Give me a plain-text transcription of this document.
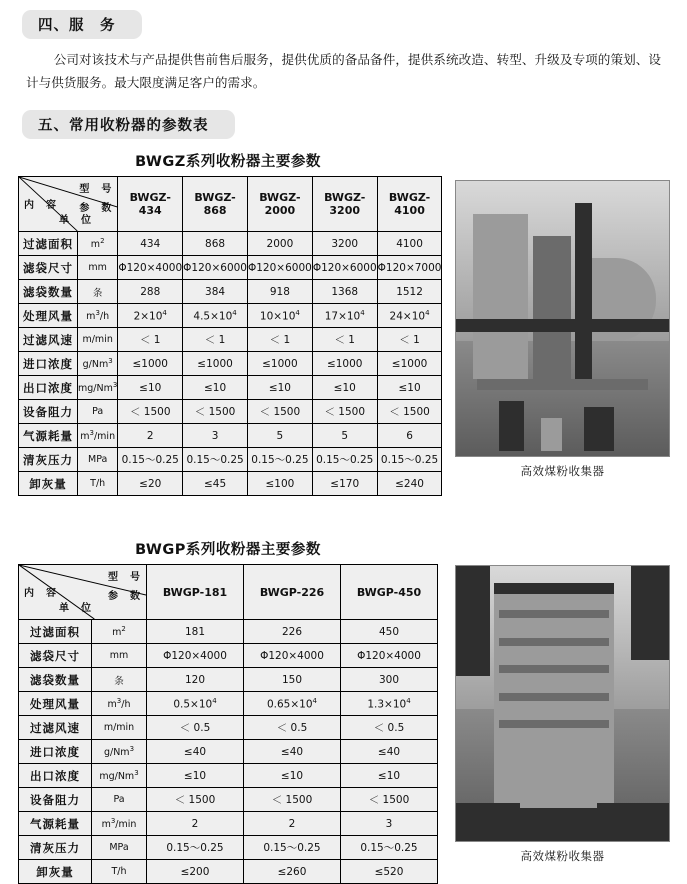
四、服　务
公司对该技术与产品提供售前售后服务，提供优质的备品备件，提供系统改造、转型、升级及专项的策划、设计与供货服务。最大限度满足客户的需求。
五、常用收粉器的参数表
BWGZ系列收粉器主要参数
型　号
参　数
内　容
单　位		BWGZ-434	BWGZ-868	BWGZ-2000	BWGZ-3200	BWGZ-4100
过滤面积	$m^2$	434	868	2000	3200	4100
滤袋尺寸	mm	Φ120×4000	Φ120×6000	Φ120×6000	Φ120×6000	Φ120×7000
滤袋数量	条	288	384	918	1368	1512
处理风量	$m^3/h$	$2\times 10^4$	$4.5\times 10^4$	$10\times 10^4$	$17\times 10^4$	$24\times 10^4$
过滤风速	m/min	＜ 1	＜ 1	＜ 1	＜ 1	＜ 1
进口浓度	$g/Nm^3$	≤1000	≤1000	≤1000	≤1000	≤1000
出口浓度	$mg/Nm^3$	≤10	≤10	≤10	≤10	≤10
设备阻力	Pa	＜ 1500	＜ 1500	＜ 1500	＜ 1500	＜ 1500
气源耗量	$m^3/\min$	2	3	5	5	6
清灰压力	MPa	0.15～0.25	0.15～0.25	0.15～0.25	0.15～0.25	0.15～0.25
卸灰量	T/h	≤20	≤45	≤100	≤170	≤240
高效煤粉收集器
BWGP系列收粉器主要参数
型　号
参　数
内　容
单　位		BWGP-181	BWGP-226	BWGP-450
过滤面积	$m^2$	181	226	450
滤袋尺寸	mm	Φ120×4000	Φ120×4000	Φ120×4000
滤袋数量	条	120	150	300
处理风量	$m^3/h$	$0.5\times 10^4$	$0.65\times 10^4$	$1.3\times 10^4$
过滤风速	m/min	＜ 0.5	＜ 0.5	＜ 0.5
进口浓度	$g/Nm^3$	≤40	≤40	≤40
出口浓度	$mg/Nm^3$	≤10	≤10	≤10
设备阻力	Pa	＜ 1500	＜ 1500	＜ 1500
气源耗量	$m^3/\min$	2	2	3
清灰压力	MPa	0.15～0.25	0.15～0.25	0.15～0.25
卸灰量	T/h	≤200	≤260	≤520
高效煤粉收集器
